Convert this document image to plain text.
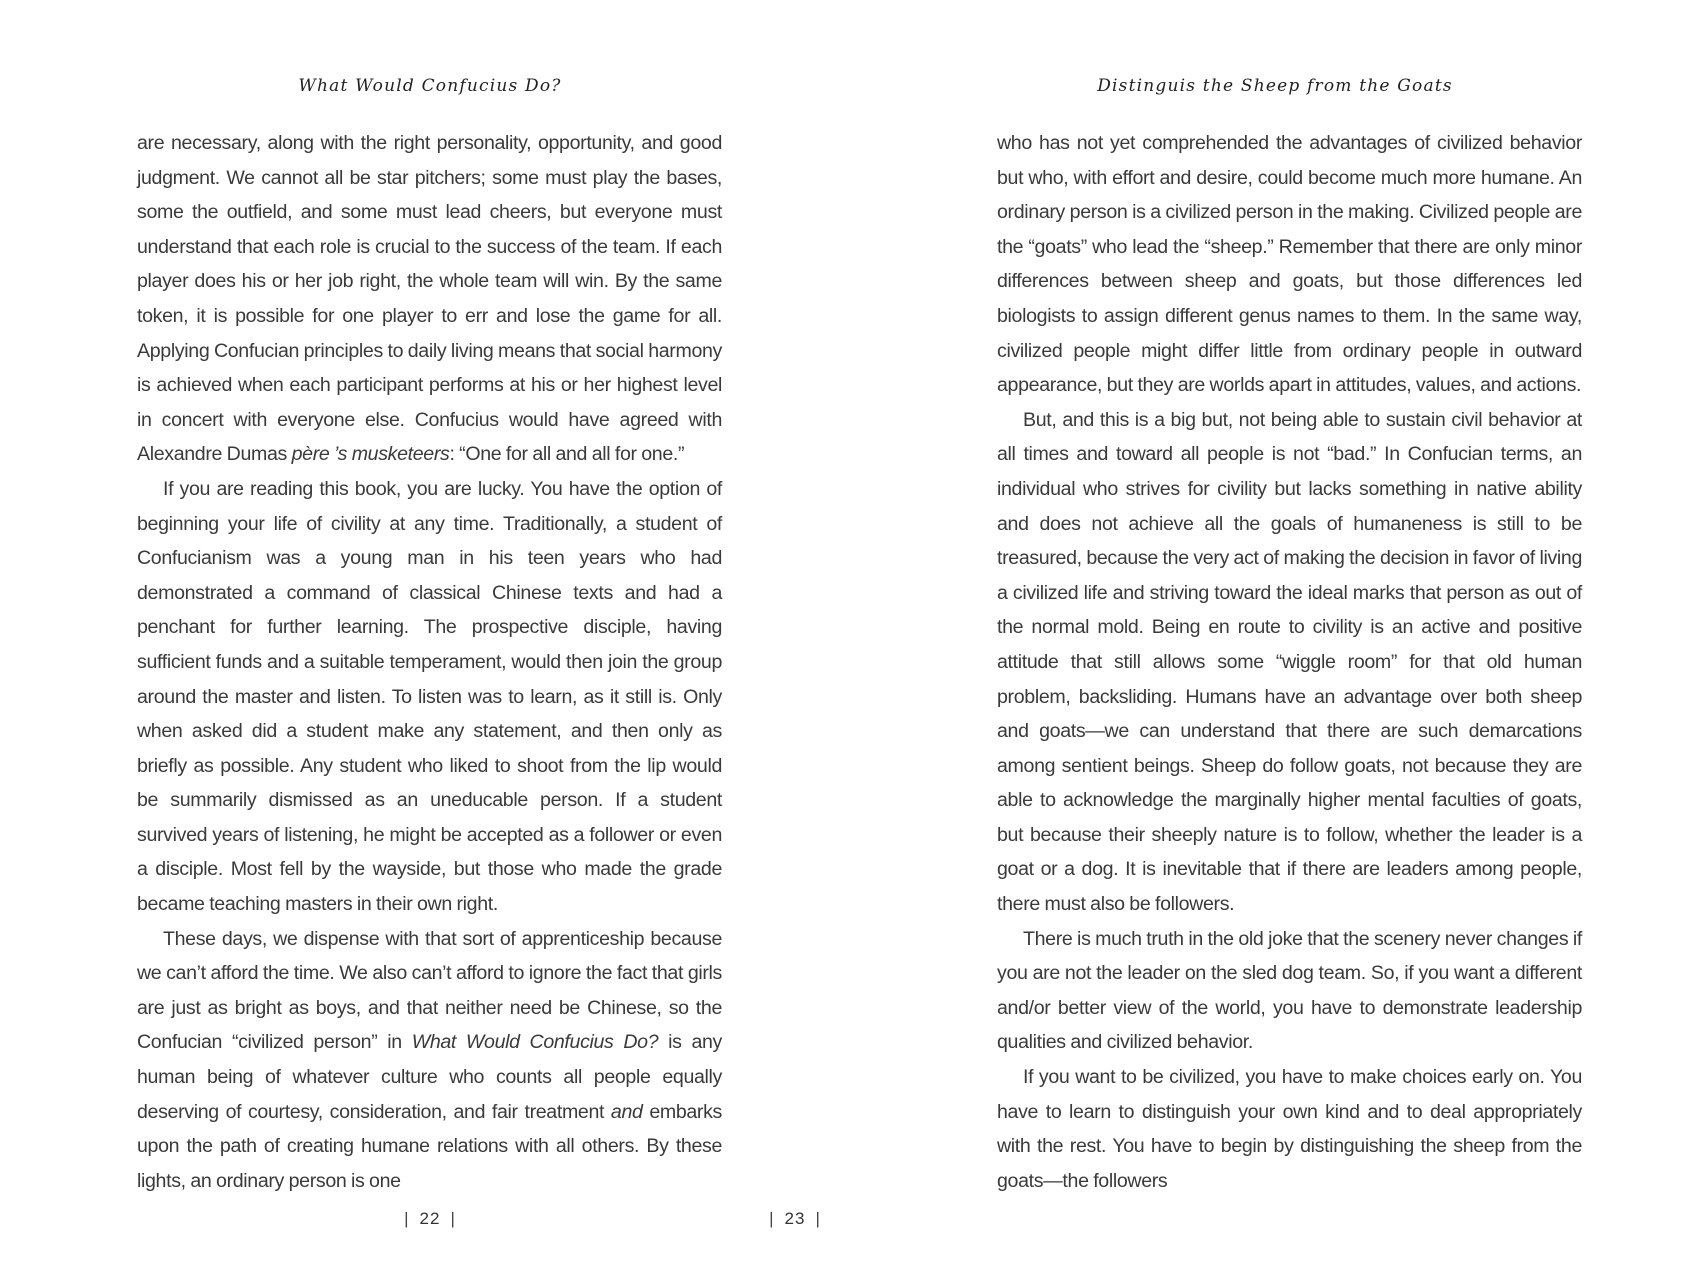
What Would Confucius Do?

are necessary, along with the right personality, opportunity, and good judgment. We cannot all be star pitchers; some must play the bases, some the outfield, and some must lead cheers, but everyone must understand that each role is crucial to the success of the team. If each player does his or her job right, the whole team will win. By the same token, it is possible for one player to err and lose the game for all. Applying Confucian principles to daily living means that social harmony is achieved when each participant performs at his or her highest level in concert with everyone else. Confucius would have agreed with Alexandre Dumas père ’s musketeers: “One for all and all for one.”

If you are reading this book, you are lucky. You have the option of beginning your life of civility at any time. Traditionally, a student of Confucianism was a young man in his teen years who had demonstrated a command of classical Chinese texts and had a penchant for further learning. The prospective disciple, having sufficient funds and a suitable temperament, would then join the group around the master and listen. To listen was to learn, as it still is. Only when asked did a student make any statement, and then only as briefly as possible. Any student who liked to shoot from the lip would be summarily dismissed as an uneducable person. If a student survived years of listening, he might be accepted as a follower or even a disciple. Most fell by the wayside, but those who made the grade became teaching masters in their own right.

These days, we dispense with that sort of apprenticeship because we can’t afford the time. We also can’t afford to ignore the fact that girls are just as bright as boys, and that neither need be Chinese, so the Confucian “civilized person” in What Would Confucius Do? is any human being of whatever culture who counts all people equally deserving of courtesy, consideration, and fair treatment and embarks upon the path of creating humane relations with all others. By these lights, an ordinary person is one

| 22 |
Distinguis the Sheep from the Goats

who has not yet comprehended the advantages of civilized behavior but who, with effort and desire, could become much more humane. An ordinary person is a civilized person in the making. Civilized people are the “goats” who lead the “sheep.” Remember that there are only minor differences between sheep and goats, but those differences led biologists to assign different genus names to them. In the same way, civilized people might differ little from ordinary people in outward appearance, but they are worlds apart in attitudes, values, and actions.

But, and this is a big but, not being able to sustain civil behavior at all times and toward all people is not “bad.” In Confucian terms, an individual who strives for civility but lacks something in native ability and does not achieve all the goals of humaneness is still to be treasured, because the very act of making the decision in favor of living a civilized life and striving toward the ideal marks that person as out of the normal mold. Being en route to civility is an active and positive attitude that still allows some “wiggle room” for that old human problem, backsliding. Humans have an advantage over both sheep and goats—we can understand that there are such demarcations among sentient beings. Sheep do follow goats, not because they are able to acknowledge the marginally higher mental faculties of goats, but because their sheeply nature is to follow, whether the leader is a goat or a dog. It is inevitable that if there are leaders among people, there must also be followers.

There is much truth in the old joke that the scenery never changes if you are not the leader on the sled dog team. So, if you want a different and/or better view of the world, you have to demonstrate leadership qualities and civilized behavior.

If you want to be civilized, you have to make choices early on. You have to learn to distinguish your own kind and to deal appropriately with the rest. You have to begin by distinguishing the sheep from the goats—the followers

| 23 |
